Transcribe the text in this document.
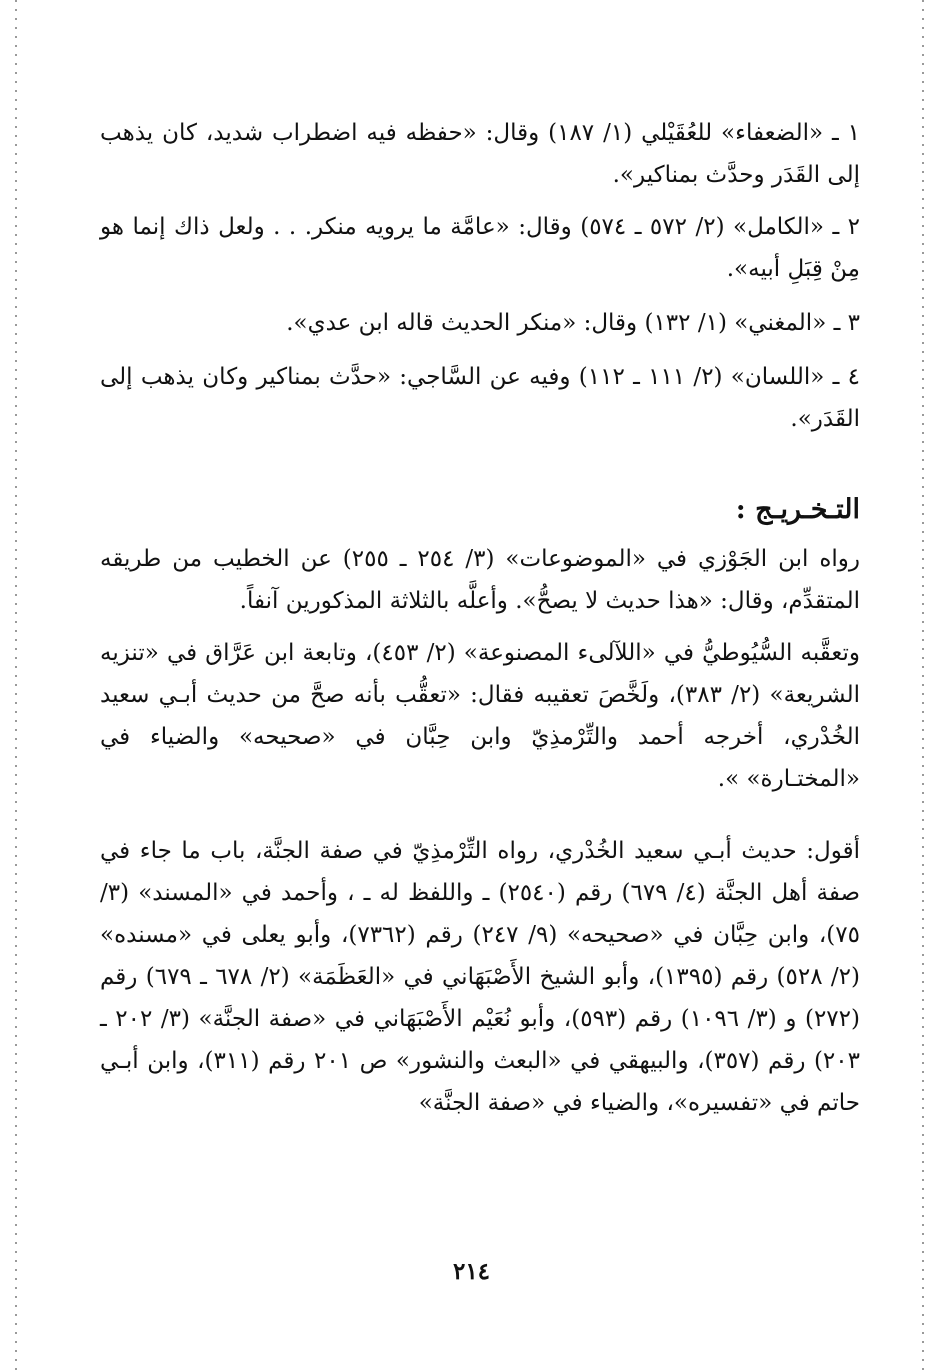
١ ـ «الضعفاء» للعُقَيْلي (١/ ١٨٧) وقال: «حفظه فيه اضطراب شديد، كان يذهب إلى القَدَر وحدَّث بمناكير».

٢ ـ «الكامل» (٢/ ٥٧٢ ـ ٥٧٤) وقال: «عامَّة ما يرويه منكر. . . ولعل ذاك إنما هو مِنْ قِبَلِ أبيه».

٣ ـ «المغني» (١/ ١٣٢) وقال: «منكر الحديث قاله ابن عدي».

٤ ـ «اللسان» (٢/ ١١١ ـ ١١٢) وفيه عن السَّاجي: «حدَّث بمناكير وكان يذهب إلى القَدَر».

التـخـريـج :

رواه ابن الجَوْزي في «الموضوعات» (٣/ ٢٥٤ ـ ٢٥٥) عن الخطيب من طريقه المتقدِّم، وقال: «هذا حديث لا يصحُّ». وأعلَّه بالثلاثة المذكورين آنفاً.

وتعقَّبه السُّيُوطيُّ في «اللآلىء المصنوعة» (٢/ ٤٥٣)، وتابعة ابن عَرَّاق في «تنزيه الشريعة» (٢/ ٣٨٣)، ولَخَّصَ تعقيبه فقال: «تعقُّب بأنه صحَّ من حديث أبـي سعيد الخُدْري، أخرجه أحمد والتِّرْمذِيّ وابن حِبَّان في «صحيحه» والضياء في «المختـارة» ».

أقول: حديث أبـي سعيد الخُدْري، رواه التِّرْمذِيّ في صفة الجنَّة، باب ما جاء في صفة أهل الجنَّة (٤/ ٦٧٩) رقم (٢٥٤٠) ـ واللفظ له ـ ، وأحمد في «المسند» (٣/ ٧٥)، وابن حِبَّان في «صحيحه» (٩/ ٢٤٧) رقم (٧٣٦٢)، وأبو يعلى في «مسنده» (٢/ ٥٢٨) رقم (١٣٩٥)، وأبو الشيخ الأَصْبَهَاني في «العَظَمَة» (٢/ ٦٧٨ ـ ٦٧٩) رقم (٢٧٢) و (٣/ ١٠٩٦) رقم (٥٩٣)، وأبو نُعَيْم الأَصْبَهَاني في «صفة الجنَّة» (٣/ ٢٠٢ ـ ٢٠٣) رقم (٣٥٧)، والبيهقي في «البعث والنشور» ص ٢٠١ رقم (٣١١)، وابن أبـي حاتم في «تفسيره»، والضياء في «صفة الجنَّة»

٢١٤
